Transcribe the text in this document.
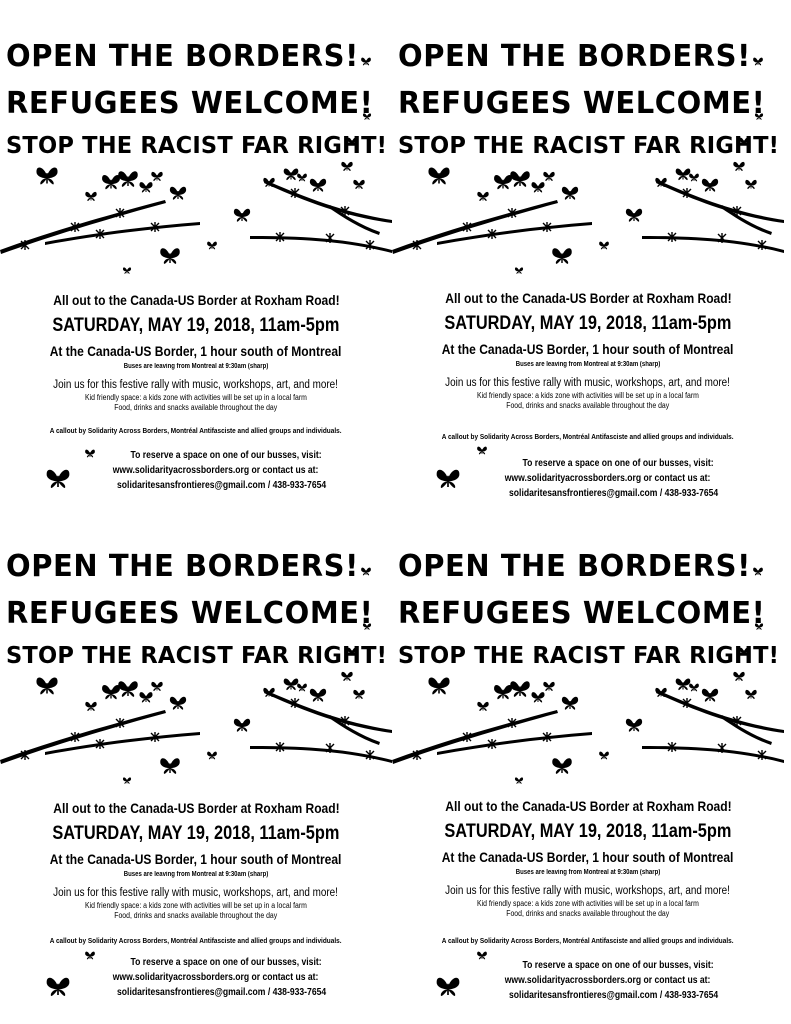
OPEN THE BORDERS!
REFUGEES WELCOME!
STOP THE RACIST FAR RIGHT!
All out to the Canada-US Border at Roxham Road!
SATURDAY, MAY 19, 2018, 11am-5pm
At the Canada-US Border, 1 hour south of Montreal
Buses are leaving from Montreal at 9:30am (sharp)
Join us for this festive rally with music, workshops, art, and more!
Kid friendly space: a kids zone with activities will be set up in a local farm
Food, drinks and snacks available throughout the day
A callout by Solidarity Across Borders, Montréal Antifasciste and allied groups and individuals.
To reserve a space on one of our busses, visit:
www.solidarityacrossborders.org or contact us at:
solidaritesansfrontieres@gmail.com / 438-933-7654
OPEN THE BORDERS!
REFUGEES WELCOME!
STOP THE RACIST FAR RIGHT!
All out to the Canada-US Border at Roxham Road!
SATURDAY, MAY 19, 2018, 11am-5pm
At the Canada-US Border, 1 hour south of Montreal
Buses are leaving from Montreal at 9:30am (sharp)
Join us for this festive rally with music, workshops, art, and more!
Kid friendly space: a kids zone with activities will be set up in a local farm
Food, drinks and snacks available throughout the day
A callout by Solidarity Across Borders, Montréal Antifasciste and allied groups and individuals.
To reserve a space on one of our busses, visit:
www.solidarityacrossborders.org or contact us at:
solidaritesansfrontieres@gmail.com / 438-933-7654
OPEN THE BORDERS!
REFUGEES WELCOME!
STOP THE RACIST FAR RIGHT!
All out to the Canada-US Border at Roxham Road!
SATURDAY, MAY 19, 2018, 11am-5pm
At the Canada-US Border, 1 hour south of Montreal
Buses are leaving from Montreal at 9:30am (sharp)
Join us for this festive rally with music, workshops, art, and more!
Kid friendly space: a kids zone with activities will be set up in a local farm
Food, drinks and snacks available throughout the day
A callout by Solidarity Across Borders, Montréal Antifasciste and allied groups and individuals.
To reserve a space on one of our busses, visit:
www.solidarityacrossborders.org or contact us at:
solidaritesansfrontieres@gmail.com / 438-933-7654
OPEN THE BORDERS!
REFUGEES WELCOME!
STOP THE RACIST FAR RIGHT!
All out to the Canada-US Border at Roxham Road!
SATURDAY, MAY 19, 2018, 11am-5pm
At the Canada-US Border, 1 hour south of Montreal
Buses are leaving from Montreal at 9:30am (sharp)
Join us for this festive rally with music, workshops, art, and more!
Kid friendly space: a kids zone with activities will be set up in a local farm
Food, drinks and snacks available throughout the day
A callout by Solidarity Across Borders, Montréal Antifasciste and allied groups and individuals.
To reserve a space on one of our busses, visit:
www.solidarityacrossborders.org or contact us at:
solidaritesansfrontieres@gmail.com / 438-933-7654
